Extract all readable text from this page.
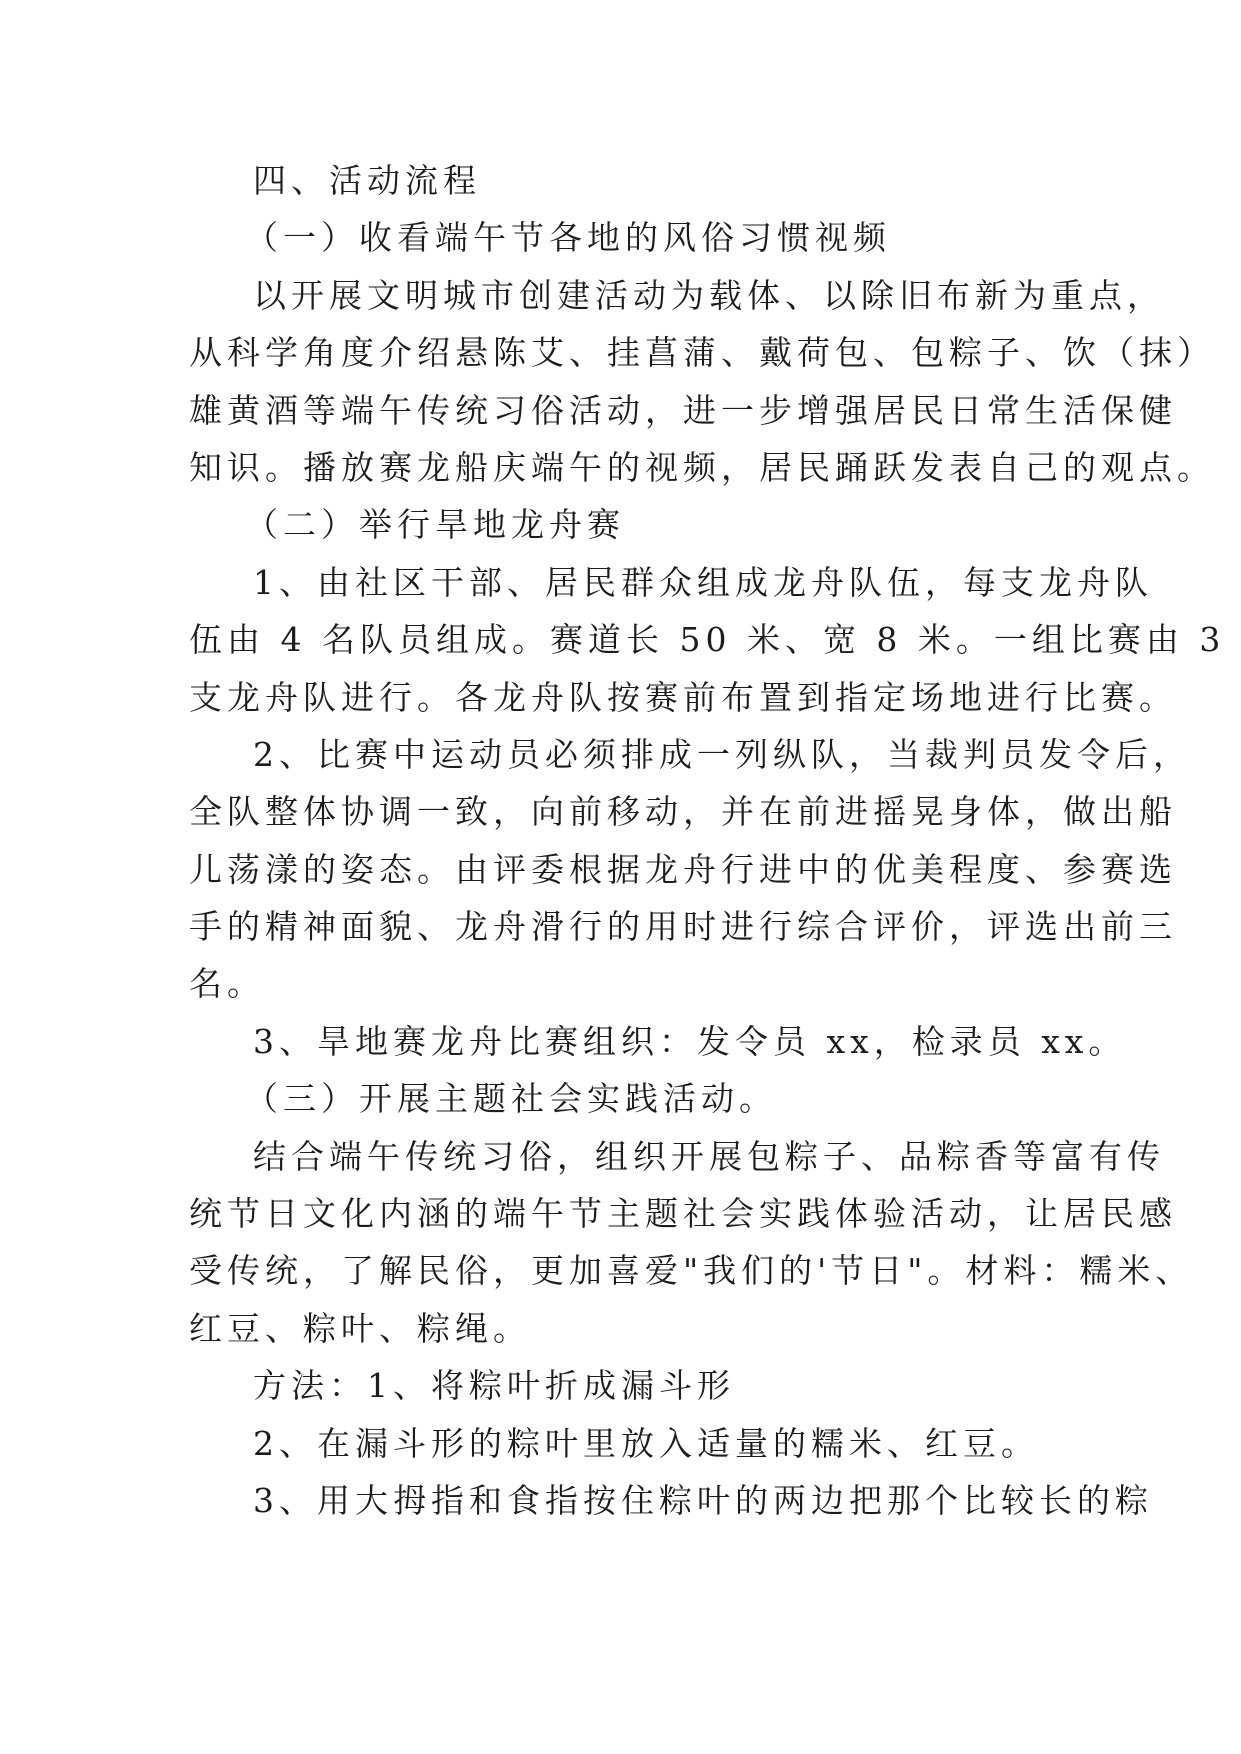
四、活动流程

（一）收看端午节各地的风俗习惯视频

以开展文明城市创建活动为载体、以除旧布新为重点，

从科学角度介绍悬陈艾、挂菖蒲、戴荷包、包粽子、饮（抹）

雄黄酒等端午传统习俗活动，进一步增强居民日常生活保健

知识。播放赛龙船庆端午的视频，居民踊跃发表自己的观点。

（二）举行旱地龙舟赛

1、由社区干部、居民群众组成龙舟队伍，每支龙舟队

伍由 4 名队员组成。赛道长 50 米、宽 8 米。一组比赛由 3

支龙舟队进行。各龙舟队按赛前布置到指定场地进行比赛。

2、比赛中运动员必须排成一列纵队，当裁判员发令后，

全队整体协调一致，向前移动，并在前进摇晃身体，做出船

儿荡漾的姿态。由评委根据龙舟行进中的优美程度、参赛选

手的精神面貌、龙舟滑行的用时进行综合评价，评选出前三

名。

3、旱地赛龙舟比赛组织：发令员 xx，检录员 xx。

（三）开展主题社会实践活动。

结合端午传统习俗，组织开展包粽子、品粽香等富有传

统节日文化内涵的端午节主题社会实践体验活动，让居民感

受传统，了解民俗，更加喜爱"我们的'节日"。材料：糯米、

红豆、粽叶、粽绳。

方法：1、将粽叶折成漏斗形

2、在漏斗形的粽叶里放入适量的糯米、红豆。

3、用大拇指和食指按住粽叶的两边把那个比较长的粽
